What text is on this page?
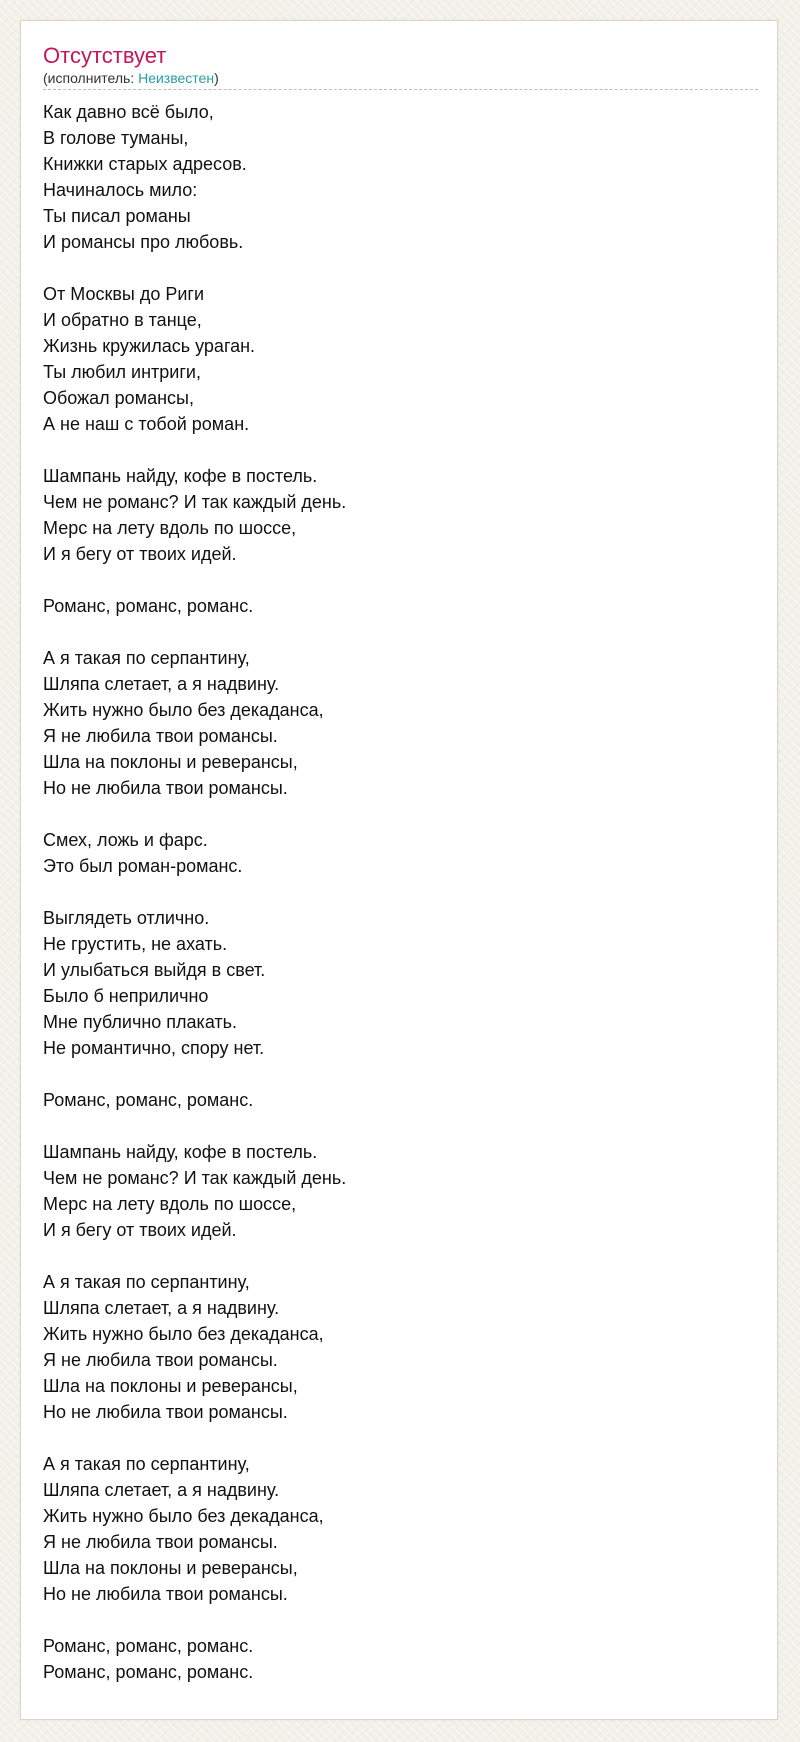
Отсутствует
(исполнитель: Неизвестен)
Как давно всё было,
В голове туманы,
Книжки старых адресов.
Начиналось мило:
Ты писал романы
И романсы про любовь.
От Москвы до Риги
И обратно в танце,
Жизнь кружилась ураган.
Ты любил интриги,
Обожал романсы,
А не наш с тобой роман.
Шампань найду, кофе в постель.
Чем не романс? И так каждый день.
Мерс на лету вдоль по шоссе,
И я бегу от твоих идей.
Романс, романс, романс.
А я такая по серпантину,
Шляпа слетает, а я надвину.
Жить нужно было без декаданса,
Я не любила твои романсы.
Шла на поклоны и реверансы,
Но не любила твои романсы.
Смех, ложь и фарс.
Это был роман-романс.
Выглядеть отлично.
Не грустить, не ахать.
И улыбаться выйдя в свет.
Было б неприлично
Мне публично плакать.
Не романтично, спору нет.
Романс, романс, романс.
Шампань найду, кофе в постель.
Чем не романс? И так каждый день.
Мерс на лету вдоль по шоссе,
И я бегу от твоих идей.
А я такая по серпантину,
Шляпа слетает, а я надвину.
Жить нужно было без декаданса,
Я не любила твои романсы.
Шла на поклоны и реверансы,
Но не любила твои романсы.
А я такая по серпантину,
Шляпа слетает, а я надвину.
Жить нужно было без декаданса,
Я не любила твои романсы.
Шла на поклоны и реверансы,
Но не любила твои романсы.
Романс, романс, романс.
Романс, романс, романс.
